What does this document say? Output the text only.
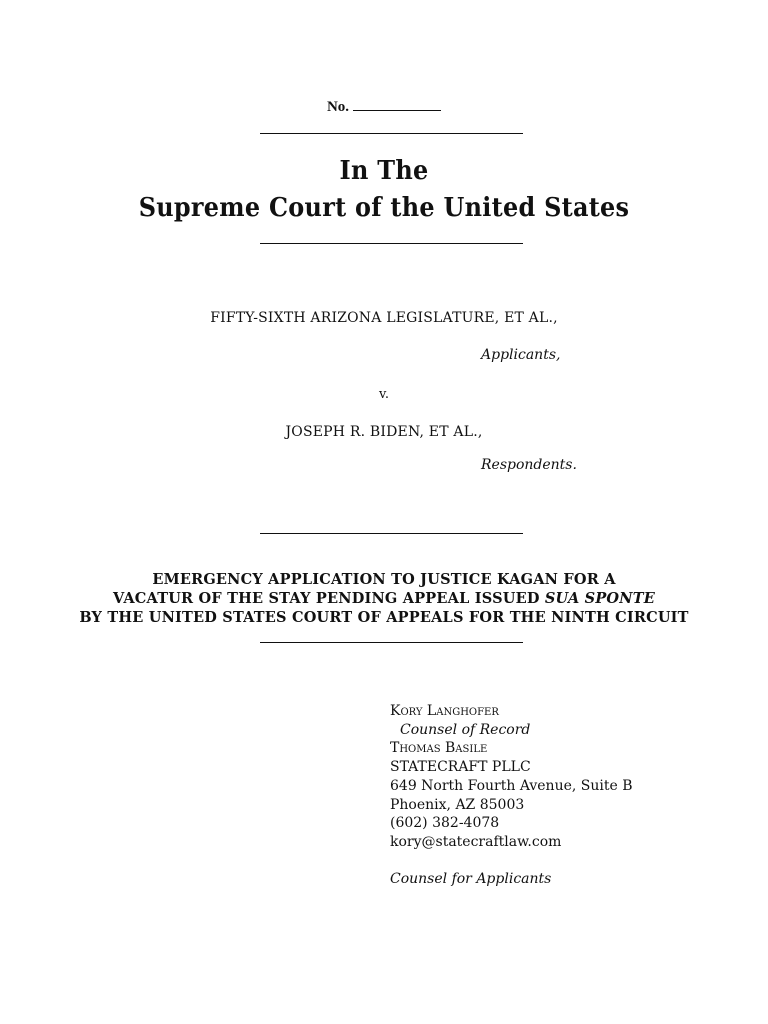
No.
In The
Supreme Court of the United States
FIFTY-SIXTH ARIZONA LEGISLATURE, ET AL.,
Applicants,
v.
JOSEPH R. BIDEN, ET AL.,
Respondents.
EMERGENCY APPLICATION TO JUSTICE KAGAN FOR A
VACATUR OF THE STAY PENDING APPEAL ISSUED SUA SPONTE
BY THE UNITED STATES COURT OF APPEALS FOR THE NINTH CIRCUIT
Kory Langhofer
Counsel of Record
Thomas Basile
STATECRAFT PLLC
649 North Fourth Avenue, Suite B
Phoenix, AZ 85003
(602) 382-4078
kory@statecraftlaw.com
Counsel for Applicants
